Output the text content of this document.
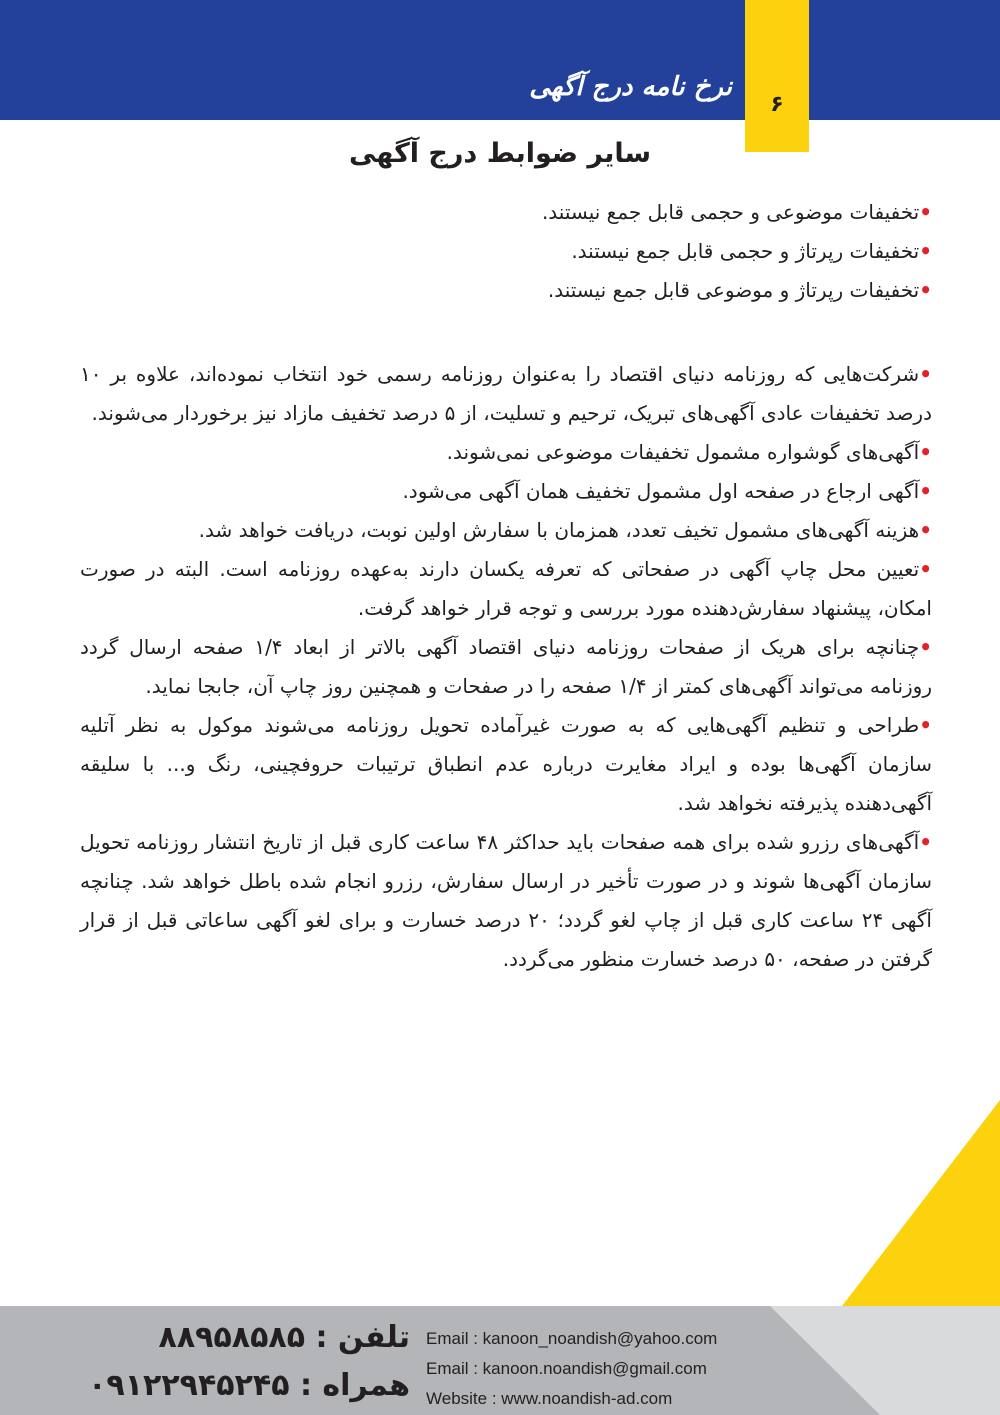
نرخ نامه درج آگهی
۶
سایر ضوابط درج آگهی

•تخفیفات موضوعی و حجمی قابل جمع نیستند.

•تخفیفات رپرتاژ و حجمی قابل جمع نیستند.

•تخفیفات رپرتاژ و موضوعی قابل جمع نیستند.

•شرکت‌هایی که روزنامه دنیای اقتصاد را به‌عنوان روزنامه رسمی خود انتخاب نموده‌اند، علاوه بر ۱۰ درصد تخفیفات عادی آگهی‌های تبریک، ترحیم و تسلیت، از ۵ درصد تخفیف مازاد نیز برخوردار می‌شوند.

•آگهی‌های گوشواره مشمول تخفیفات موضوعی نمی‌شوند.

•آگهی ارجاع در صفحه اول مشمول تخفیف همان آگهی می‌شود.

•هزینه آگهی‌های مشمول تخیف تعدد، همزمان با سفارش اولین نوبت، دریافت خواهد شد.

•تعیین محل چاپ آگهی در صفحاتی که تعرفه یکسان دارند به‌عهده روزنامه است. البته در صورت امکان، پیشنهاد سفارش‌دهنده مورد بررسی و توجه قرار خواهد گرفت.

•چنانچه برای هریک از صفحات روزنامه دنیای اقتصاد آگهی بالاتر از ابعاد ۱/۴ صفحه ارسال گردد روزنامه می‌تواند آگهی‌های کمتر از ۱/۴ صفحه را در صفحات و همچنین روز چاپ آن، جابجا نماید.

•طراحی و تنظیم آگهی‌هایی که به صورت غیرآماده تحویل روزنامه می‌شوند موکول به نظر آتلیه سازمان آگهی‌ها بوده و ایراد مغایرت درباره عدم انطباق ترتیبات حروفچینی، رنگ و... با سلیقه آگهی‌دهنده پذیرفته نخواهد شد.

•آگهی‌های رزرو شده برای همه صفحات باید حداکثر ۴۸ ساعت کاری قبل از تاریخ انتشار روزنامه تحویل سازمان آگهی‌ها شوند و در صورت تأخیر در ارسال سفارش، رزرو انجام شده باطل خواهد شد. چنانچه آگهی ۲۴ ساعت کاری قبل از چاپ لغو گردد؛ ۲۰ درصد خسارت و برای لغو آگهی ساعاتی قبل از قرار گرفتن در صفحه، ۵۰ درصد خسارت منظور می‌گردد.

Email : kanoon_noandish@yahoo.com
Email : kanoon.noandish@gmail.com
Website : www.noandish-ad.com
تلفن : ۸۸۹۵۸۵۸۵
همراه : ۰۹۱۲۲۹۴۵۲۴۵
